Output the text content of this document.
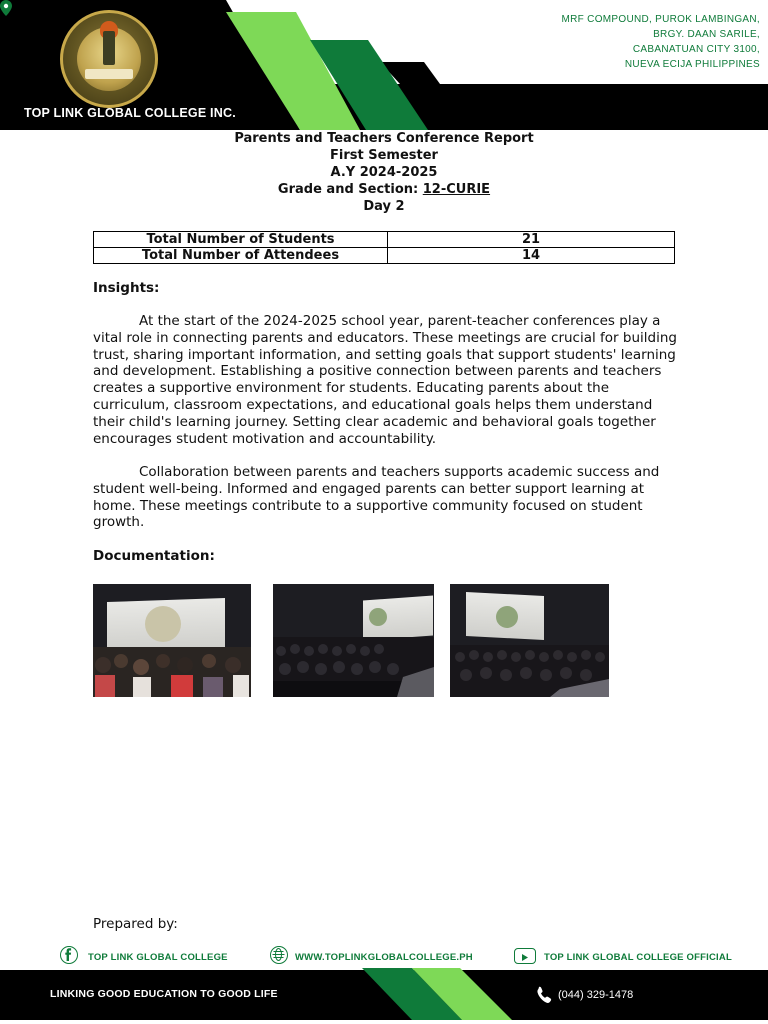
TOP LINK GLOBAL COLLEGE INC.
MRF COMPOUND, PUROK LAMBINGAN,
BRGY. DAAN SARILE,
CABANATUAN CITY 3100,
NUEVA ECIJA PHILIPPINES
Parents and Teachers Conference Report
First Semester
A.Y 2024-2025
Grade and Section: 12-CURIE
Day 2
Total Number of Students	21
Total Number of Attendees	14
Insights:
At the start of the 2024-2025 school year, parent-teacher conferences play a vital role in connecting parents and educators. These meetings are crucial for building trust, sharing important information, and setting goals that support students' learning and development. Establishing a positive connection between parents and teachers creates a supportive environment for students. Educating parents about the curriculum, classroom expectations, and educational goals helps them understand their child's learning journey. Setting clear academic and behavioral goals together encourages student motivation and accountability.
Collaboration between parents and teachers supports academic success and student well-being. Informed and engaged parents can better support learning at home. These meetings contribute to a supportive community focused on student growth.
Documentation:
Prepared by:
TOP LINK GLOBAL COLLEGE	WWW.TOPLINKGLOBALCOLLEGE.PH	TOP LINK GLOBAL COLLEGE OFFICIAL
LINKING GOOD EDUCATION TO GOOD LIFE	(044) 329-1478
